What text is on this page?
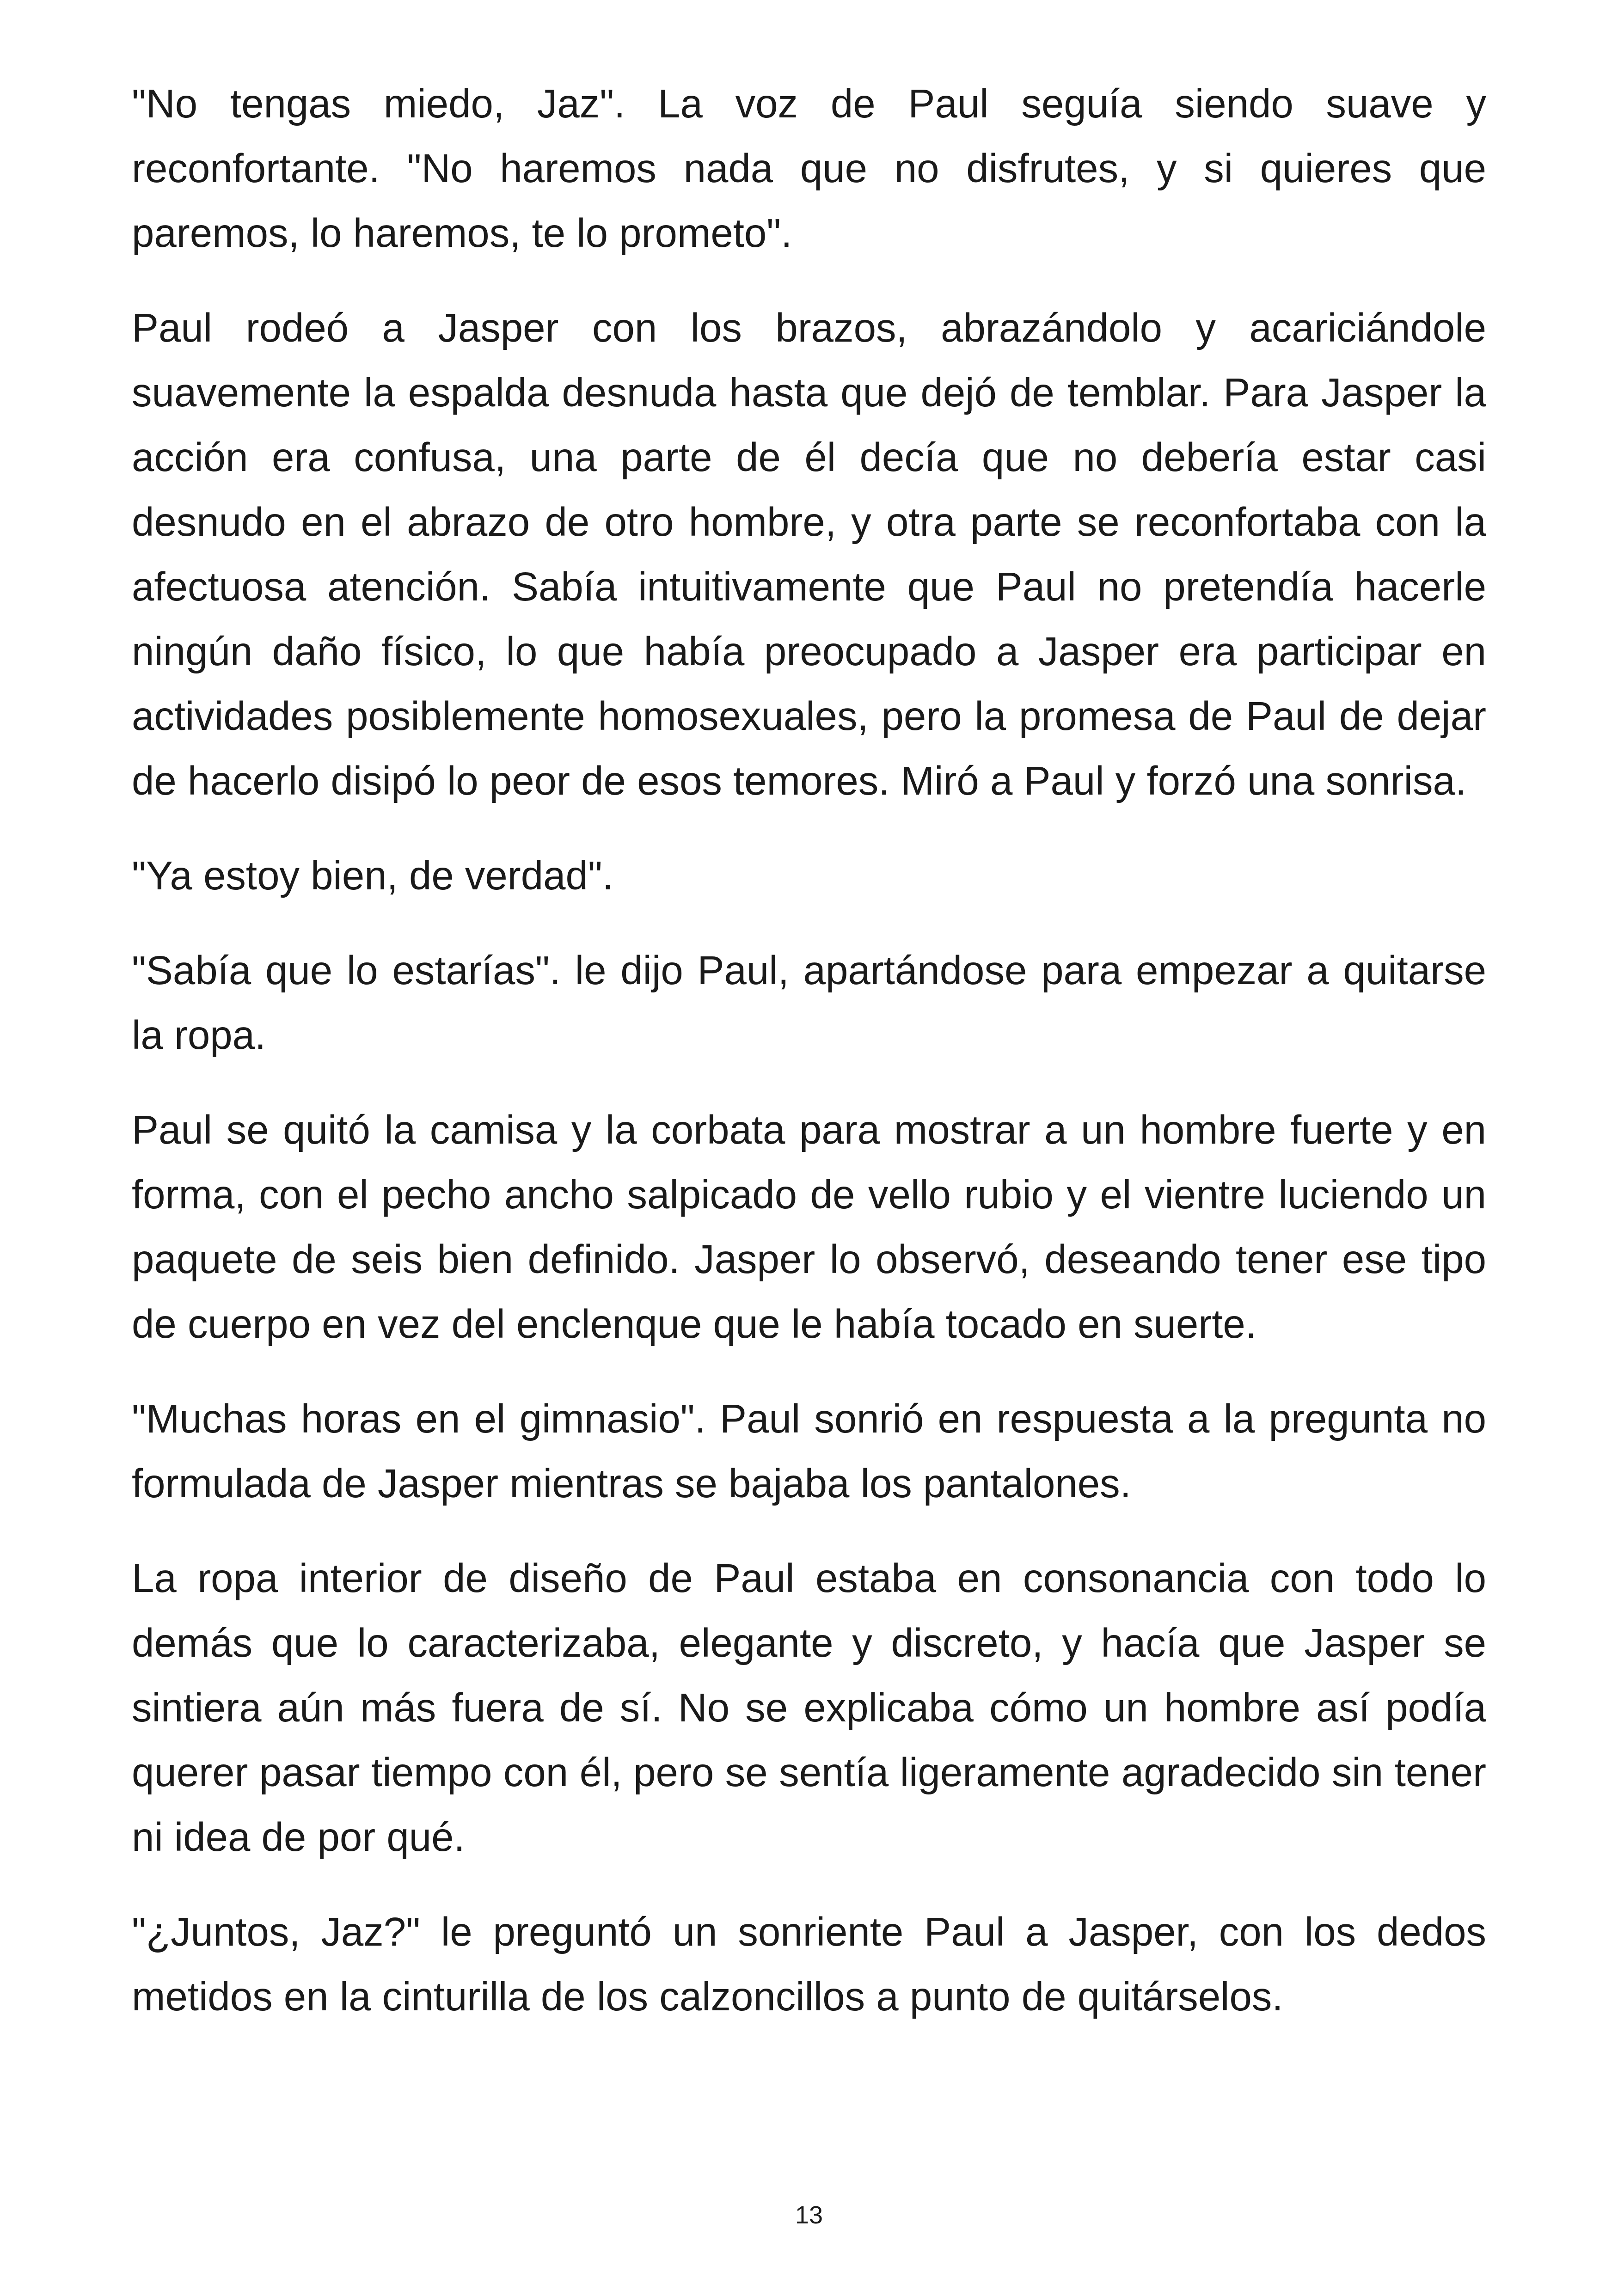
"No tengas miedo, Jaz". La voz de Paul seguía siendo suave y reconfortante. "No haremos nada que no disfrutes, y si quieres que paremos, lo haremos, te lo prometo".

Paul rodeó a Jasper con los brazos, abrazándolo y acariciándole suavemente la espalda desnuda hasta que dejó de temblar. Para Jasper la acción era confusa, una parte de él decía que no debería estar casi desnudo en el abrazo de otro hombre, y otra parte se reconfortaba con la afectuosa atención. Sabía intuitivamente que Paul no pretendía hacerle ningún daño físico, lo que había preocupado a Jasper era participar en actividades posiblemente homosexuales, pero la promesa de Paul de dejar de hacerlo disipó lo peor de esos temores. Miró a Paul y forzó una sonrisa.

"Ya estoy bien, de verdad".

"Sabía que lo estarías". le dijo Paul, apartándose para empezar a quitarse la ropa.

Paul se quitó la camisa y la corbata para mostrar a un hombre fuerte y en forma, con el pecho ancho salpicado de vello rubio y el vientre luciendo un paquete de seis bien definido. Jasper lo observó, deseando tener ese tipo de cuerpo en vez del enclenque que le había tocado en suerte.

"Muchas horas en el gimnasio". Paul sonrió en respuesta a la pregunta no formulada de Jasper mientras se bajaba los pantalones.

La ropa interior de diseño de Paul estaba en consonancia con todo lo demás que lo caracterizaba, elegante y discreto, y hacía que Jasper se sintiera aún más fuera de sí. No se explicaba cómo un hombre así podía querer pasar tiempo con él, pero se sentía ligeramente agradecido sin tener ni idea de por qué.

"¿Juntos, Jaz?" le preguntó un sonriente Paul a Jasper, con los dedos metidos en la cinturilla de los calzoncillos a punto de quitárselos.

13
